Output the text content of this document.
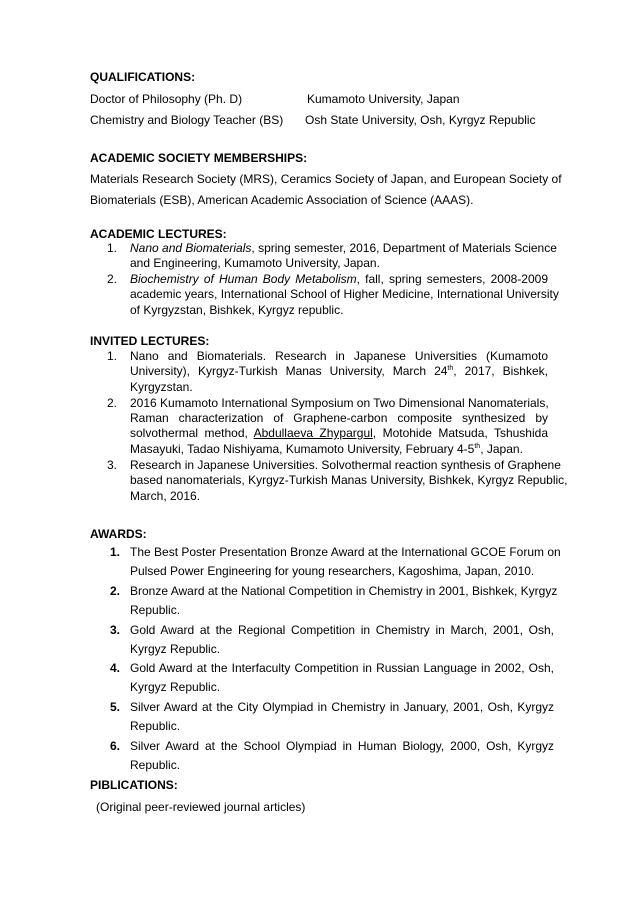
QUALIFICATIONS:
Doctor of Philosophy (Ph. D)	Kumamoto University, Japan
Chemistry and Biology Teacher (BS) Osh State University, Osh, Kyrgyz Republic
ACADEMIC SOCIETY MEMBERSHIPS:
Materials Research Society (MRS), Ceramics Society of Japan, and European Society of
Biomaterials (ESB), American Academic Association of Science (AAAS).
ACADEMIC LECTURES:
1. Nano and Biomaterials, spring semester, 2016, Department of Materials Science
and Engineering, Kumamoto University, Japan.
2. Biochemistry of Human Body Metabolism, fall, spring semesters, 2008-2009
academic years, International School of Higher Medicine, International University
of Kyrgyzstan, Bishkek, Kyrgyz republic.
INVITED LECTURES:
1. Nano and Biomaterials. Research in Japanese Universities (Kumamoto
University), Kyrgyz-Turkish Manas University, March 24th, 2017, Bishkek,
Kyrgyzstan.
2. 2016 Kumamoto International Symposium on Two Dimensional Nanomaterials,
Raman characterization of Graphene-carbon composite synthesized by
solvothermal method, Abdullaeva Zhypargul, Motohide Matsuda, Tshushida
Masayuki, Tadao Nishiyama, Kumamoto University, February 4-5th, Japan.
3. Research in Japanese Universities. Solvothermal reaction synthesis of Graphene
based nanomaterials, Kyrgyz-Turkish Manas University, Bishkek, Kyrgyz Republic,
March, 2016.
AWARDS:
1. The Best Poster Presentation Bronze Award at the International GCOE Forum on
Pulsed Power Engineering for young researchers, Kagoshima, Japan, 2010.
2. Bronze Award at the National Competition in Chemistry in 2001, Bishkek, Kyrgyz
Republic.
3. Gold Award at the Regional Competition in Chemistry in March, 2001, Osh,
Kyrgyz Republic.
4. Gold Award at the Interfaculty Competition in Russian Language in 2002, Osh,
Kyrgyz Republic.
5. Silver Award at the City Olympiad in Chemistry in January, 2001, Osh, Kyrgyz
Republic.
6. Silver Award at the School Olympiad in Human Biology, 2000, Osh, Kyrgyz
Republic.
PIBLICATIONS:
(Original peer-reviewed journal articles)
